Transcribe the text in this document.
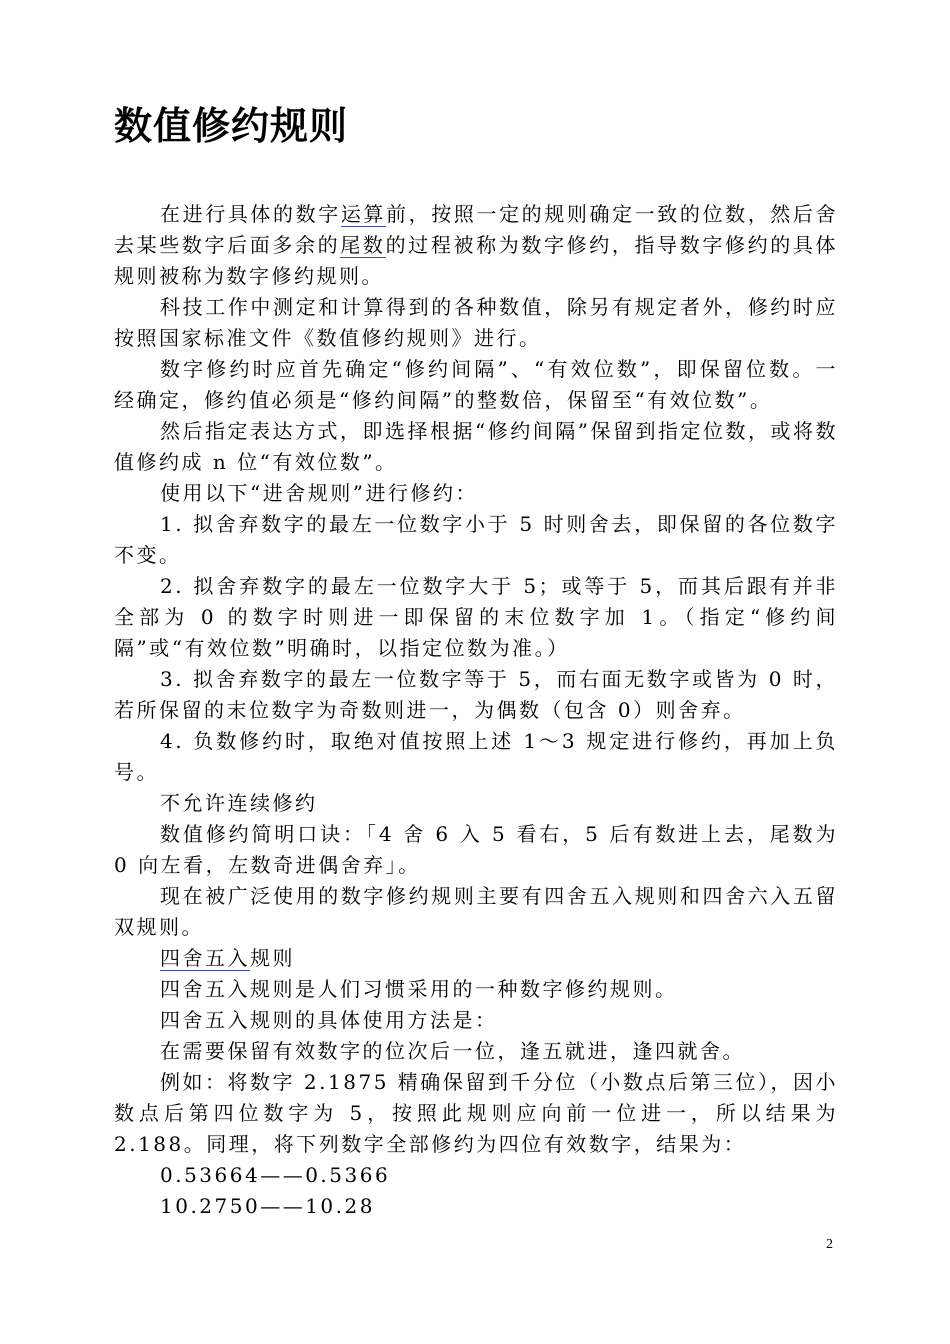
数值修约规则

在进行具体的数字运算前，按照一定的规则确定一致的位数，然后舍去某些数字后面多余的尾数的过程被称为数字修约，指导数字修约的具体规则被称为数字修约规则。

科技工作中测定和计算得到的各种数值，除另有规定者外，修约时应按照国家标准文件《数值修约规则》进行。

数字修约时应首先确定“修约间隔”、“有效位数”，即保留位数。一经确定，修约值必须是“修约间隔”的整数倍，保留至“有效位数”。

然后指定表达方式，即选择根据“修约间隔”保留到指定位数，或将数值修约成 n 位“有效位数”。

使用以下“进舍规则”进行修约：

1. 拟舍弃数字的最左一位数字小于 5 时则舍去，即保留的各位数字不变。

2. 拟舍弃数字的最左一位数字大于 5；或等于 5，而其后跟有并非全部为 0 的数字时则进一即保留的末位数字加 1。（指定“修约间隔”或“有效位数”明确时，以指定位数为准。）

3. 拟舍弃数字的最左一位数字等于 5，而右面无数字或皆为 0 时，若所保留的末位数字为奇数则进一，为偶数（包含 0）则舍弃。

4. 负数修约时，取绝对值按照上述 1～3 规定进行修约，再加上负号。

不允许连续修约

数值修约简明口诀：「4 舍 6 入 5 看右，5 后有数进上去，尾数为 0 向左看，左数奇进偶舍弃」。

现在被广泛使用的数字修约规则主要有四舍五入规则和四舍六入五留双规则。

四舍五入规则

四舍五入规则是人们习惯采用的一种数字修约规则。

四舍五入规则的具体使用方法是：

在需要保留有效数字的位次后一位，逢五就进，逢四就舍。

例如：将数字 2.1875 精确保留到千分位（小数点后第三位），因小数点后第四位数字为 5，按照此规则应向前一位进一，所以结果为 2.188。同理，将下列数字全部修约为四位有效数字，结果为：

0.53664——0.5366

10.2750——10.28

2
